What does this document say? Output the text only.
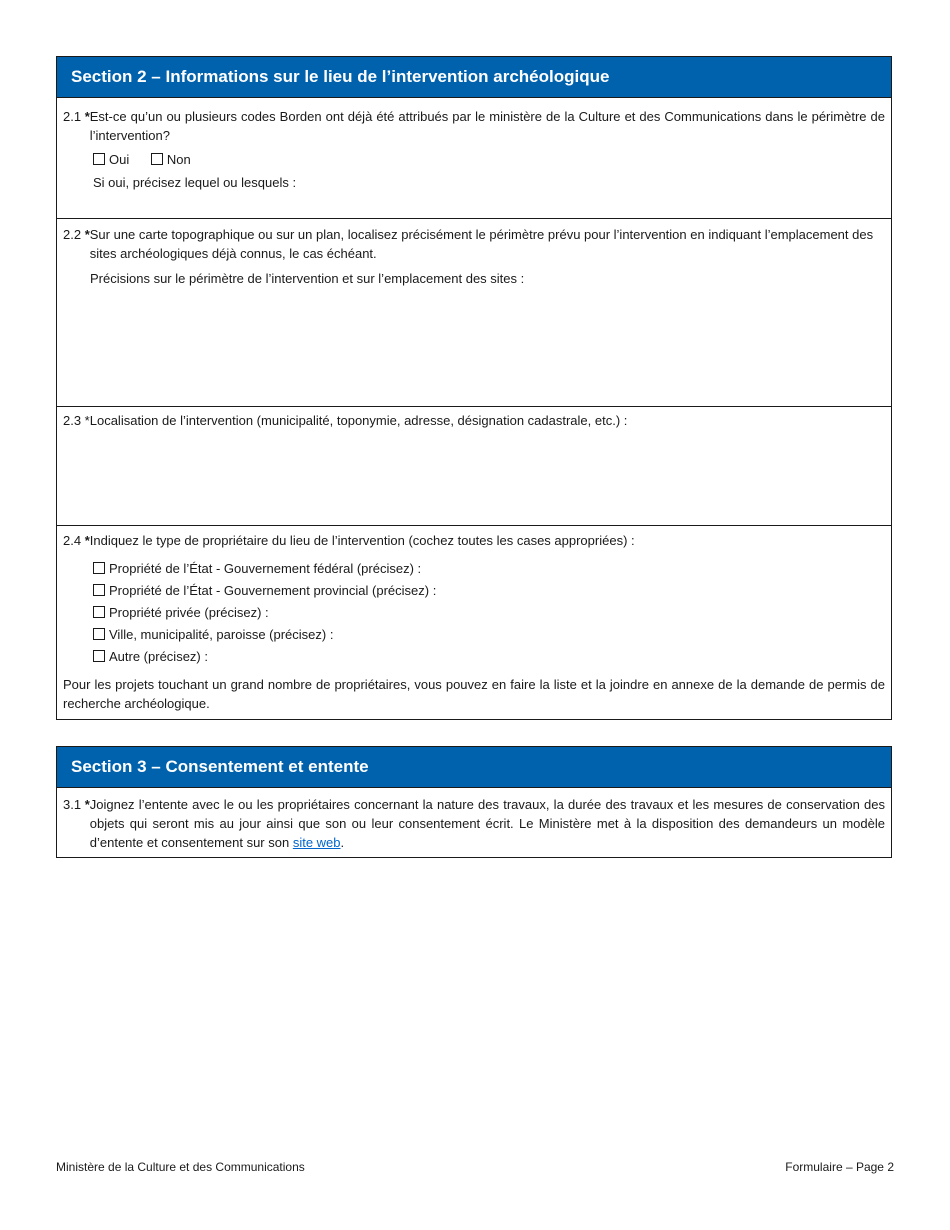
Section 2 – Informations sur le lieu de l’intervention archéologique
2.1 * Est-ce qu’un ou plusieurs codes Borden ont déjà été attribués par le ministère de la Culture et des Communications dans le périmètre de l’intervention?
Oui	Non
Si oui, précisez lequel ou lesquels :
2.2 * Sur une carte topographique ou sur un plan, localisez précisément le périmètre prévu pour l’intervention en indiquant l’emplacement des sites archéologiques déjà connus, le cas échéant.
Précisions sur le périmètre de l’intervention et sur l’emplacement des sites :
2.3 *Localisation de l’intervention (municipalité, toponymie, adresse, désignation cadastrale, etc.) :
2.4 * Indiquez le type de propriétaire du lieu de l’intervention (cochez toutes les cases appropriées) :
Propriété de l’État - Gouvernement fédéral (précisez) :
Propriété de l’État - Gouvernement provincial (précisez) :
Propriété privée (précisez) :
Ville, municipalité, paroisse (précisez) :
Autre (précisez) :
Pour les projets touchant un grand nombre de propriétaires, vous pouvez en faire la liste et la joindre en annexe de la demande de permis de recherche archéologique.
Section 3 – Consentement et entente
3.1 * Joignez l’entente avec le ou les propriétaires concernant la nature des travaux, la durée des travaux et les mesures de conservation des objets qui seront mis au jour ainsi que son ou leur consentement écrit. Le Ministère met à la disposition des demandeurs un modèle d’entente et consentement sur son site web.
Ministère de la Culture et des Communications	Formulaire – Page 2
